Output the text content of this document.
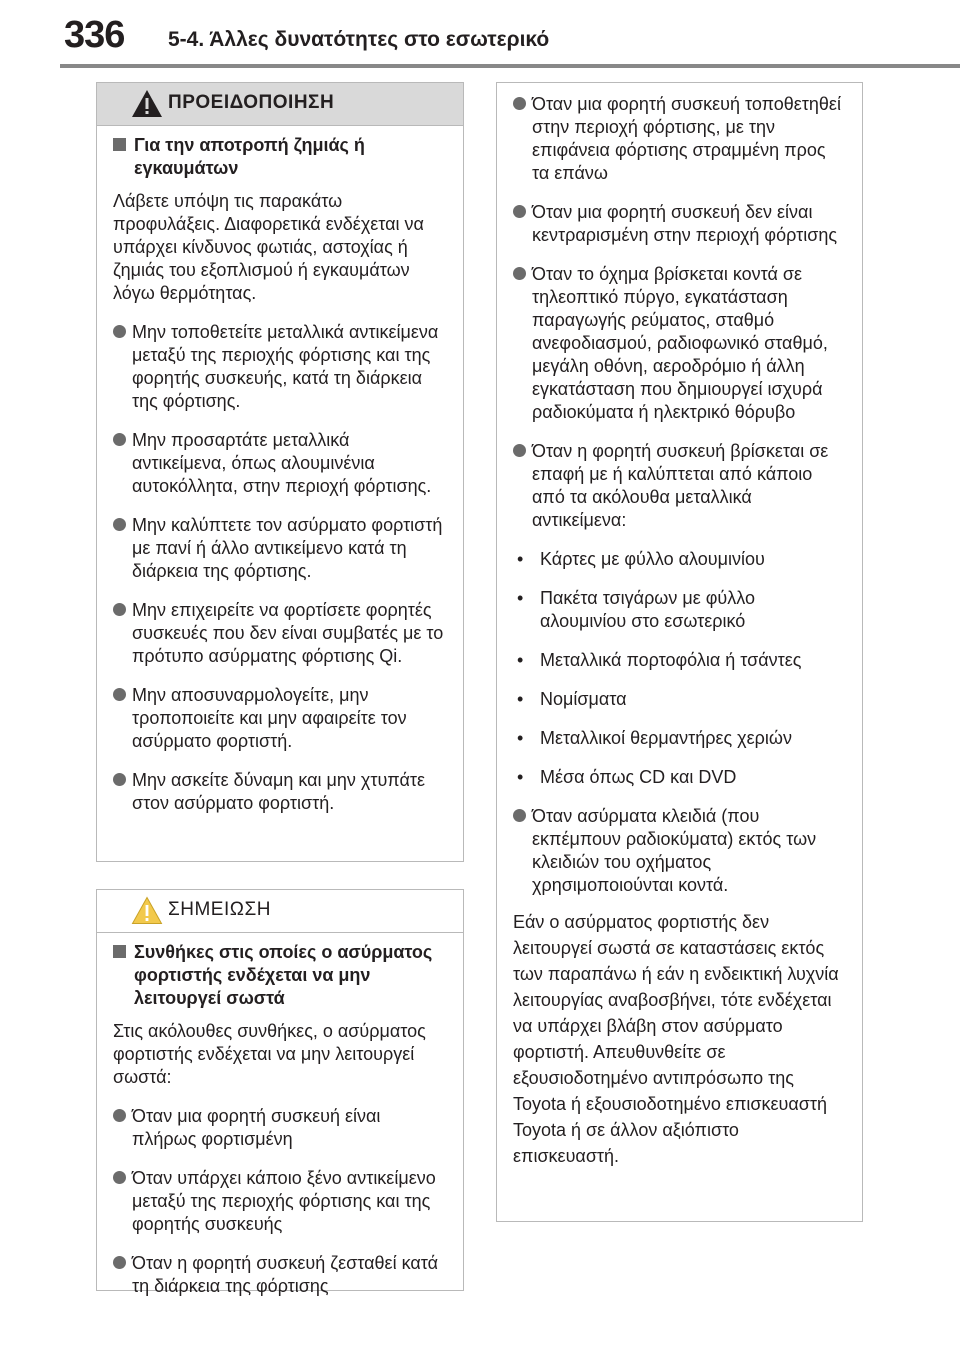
336 5-4. Άλλες δυνατότητες στο εσωτερικό
ΠΡΟΕΙΔΟΠΟΙΗΣΗ
Για την αποτροπή ζημιάς ή εγκαυμάτων

Λάβετε υπόψη τις παρακάτω προφυλάξεις. Διαφορετικά ενδέχεται να υπάρχει κίνδυνος φωτιάς, αστοχίας ή ζημιάς του εξοπλισμού ή εγκαυμάτων λόγω θερμότητας.

Μην τοποθετείτε μεταλλικά αντικείμενα μεταξύ της περιοχής φόρτισης και της φορητής συσκευής, κατά τη διάρκεια της φόρτισης.
Μην προσαρτάτε μεταλλικά αντικείμενα, όπως αλουμινένια αυτοκόλλητα, στην περιοχή φόρτισης.
Μην καλύπτετε τον ασύρματο φορτιστή με πανί ή άλλο αντικείμενο κατά τη διάρκεια της φόρτισης.
Μην επιχειρείτε να φορτίσετε φορητές συσκευές που δεν είναι συμβατές με το πρότυπο ασύρματης φόρτισης Qi.
Μην αποσυναρμολογείτε, μην τροποποιείτε και μην αφαιρείτε τον ασύρματο φορτιστή.
Μην ασκείτε δύναμη και μην χτυπάτε στον ασύρματο φορτιστή.
ΣΗΜΕΙΩΣΗ
Συνθήκες στις οποίες ο ασύρματος φορτιστής ενδέχεται να μην λειτουργεί σωστά

Στις ακόλουθες συνθήκες, ο ασύρματος φορτιστής ενδέχεται να μην λειτουργεί σωστά:

Όταν μια φορητή συσκευή είναι πλήρως φορτισμένη
Όταν υπάρχει κάποιο ξένο αντικείμενο μεταξύ της περιοχής φόρτισης και της φορητής συσκευής
Όταν η φορητή συσκευή ζεσταθεί κατά τη διάρκεια της φόρτισης
Όταν μια φορητή συσκευή τοποθετηθεί στην περιοχή φόρτισης, με την επιφάνεια φόρτισης στραμμένη προς τα επάνω
Όταν μια φορητή συσκευή δεν είναι κεντραρισμένη στην περιοχή φόρτισης
Όταν το όχημα βρίσκεται κοντά σε τηλεοπτικό πύργο, εγκατάσταση παραγωγής ρεύματος, σταθμό ανεφοδιασμού, ραδιοφωνικό σταθμό, μεγάλη οθόνη, αεροδρόμιο ή άλλη εγκατάσταση που δημιουργεί ισχυρά ραδιοκύματα ή ηλεκτρικό θόρυβο
Όταν η φορητή συσκευή βρίσκεται σε επαφή με ή καλύπτεται από κάποιο από τα ακόλουθα μεταλλικά αντικείμενα:
• Κάρτες με φύλλο αλουμινίου
• Πακέτα τσιγάρων με φύλλο αλουμινίου στο εσωτερικό
• Μεταλλικά πορτοφόλια ή τσάντες
• Νομίσματα
• Μεταλλικοί θερμαντήρες χεριών
• Μέσα όπως CD και DVD
Όταν ασύρματα κλειδιά (που εκπέμπουν ραδιοκύματα) εκτός των κλειδιών του οχήματος χρησιμοποιούνται κοντά.

Εάν ο ασύρματος φορτιστής δεν λειτουργεί σωστά σε καταστάσεις εκτός των παραπάνω ή εάν η ενδεικτική λυχνία λειτουργίας αναβοσβήνει, τότε ενδέχεται να υπάρχει βλάβη στον ασύρματο φορτιστή. Απευθυνθείτε σε εξουσιοδοτημένο αντιπρόσωπο της Toyota ή εξουσιοδοτημένο επισκευαστή Toyota ή σε άλλον αξιόπιστο επισκευαστή.
